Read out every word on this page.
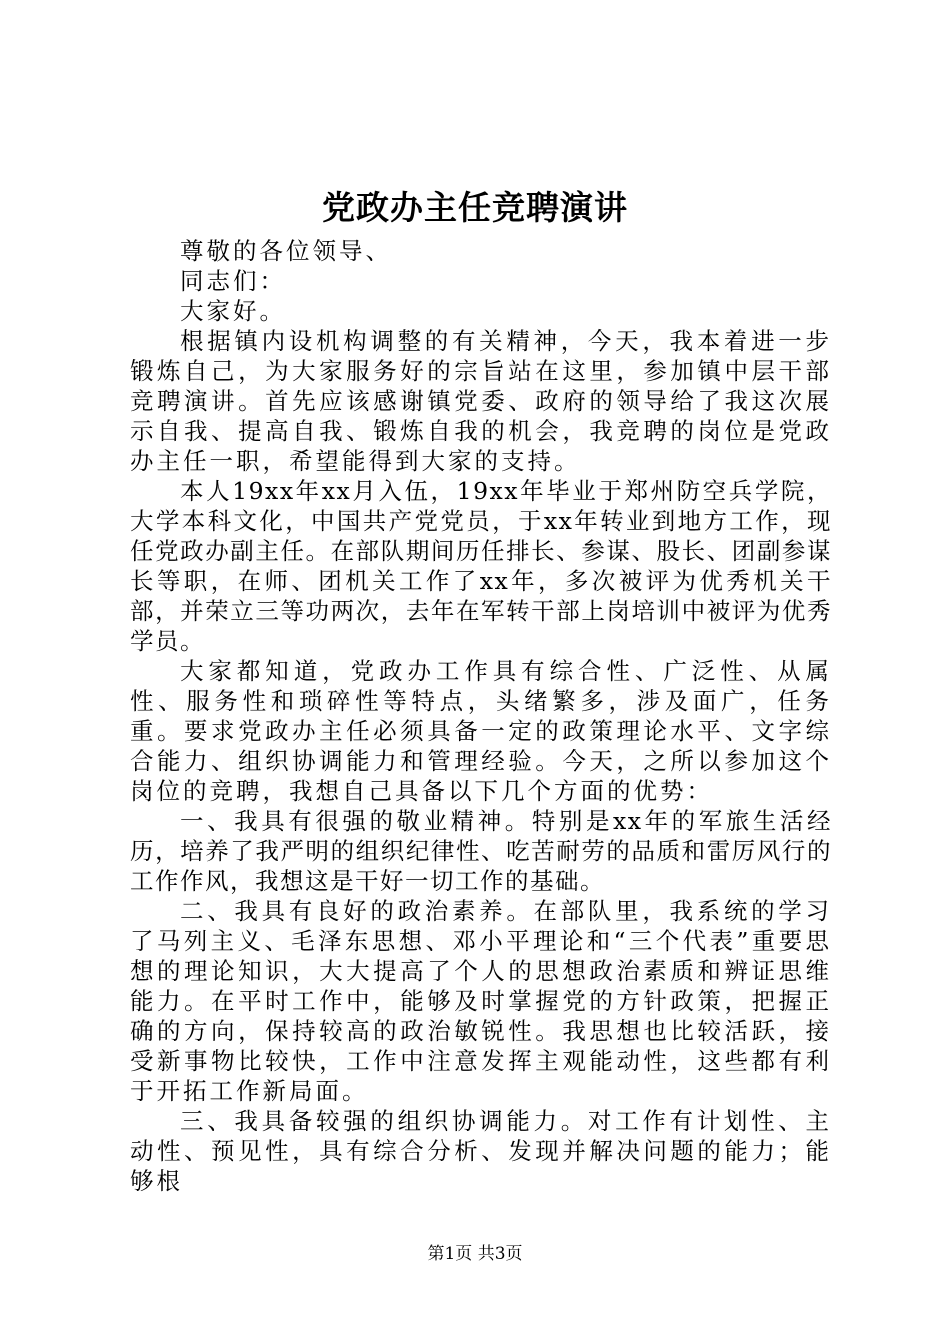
党政办主任竞聘演讲

尊敬的各位领导、

同志们：

大家好。

根据镇内设机构调整的有关精神，今天，我本着进一步锻炼自己，为大家服务好的宗旨站在这里，参加镇中层干部竞聘演讲。首先应该感谢镇党委、政府的领导给了我这次展示自我、提高自我、锻炼自我的机会，我竞聘的岗位是党政办主任一职，希望能得到大家的支持。

本人19xx年xx月入伍，19xx年毕业于郑州防空兵学院，大学本科文化，中国共产党党员，于xx年转业到地方工作，现任党政办副主任。在部队期间历任排长、参谋、股长、团副参谋长等职，在师、团机关工作了xx年，多次被评为优秀机关干部，并荣立三等功两次，去年在军转干部上岗培训中被评为优秀学员。

大家都知道，党政办工作具有综合性、广泛性、从属性、服务性和琐碎性等特点，头绪繁多，涉及面广，任务重。要求党政办主任必须具备一定的政策理论水平、文字综合能力、组织协调能力和管理经验。今天，之所以参加这个岗位的竞聘，我想自己具备以下几个方面的优势：

一、我具有很强的敬业精神。特别是xx年的军旅生活经历，培养了我严明的组织纪律性、吃苦耐劳的品质和雷厉风行的工作作风，我想这是干好一切工作的基础。

二、我具有良好的政治素养。在部队里，我系统的学习了马列主义、毛泽东思想、邓小平理论和“三个代表”重要思想的理论知识，大大提高了个人的思想政治素质和辨证思维能力。在平时工作中，能够及时掌握党的方针政策，把握正确的方向，保持较高的政治敏锐性。我思想也比较活跃，接受新事物比较快，工作中注意发挥主观能动性，这些都有利于开拓工作新局面。

三、我具备较强的组织协调能力。对工作有计划性、主动性、预见性，具有综合分析、发现并解决问题的能力；能够根

第1页 共3页
